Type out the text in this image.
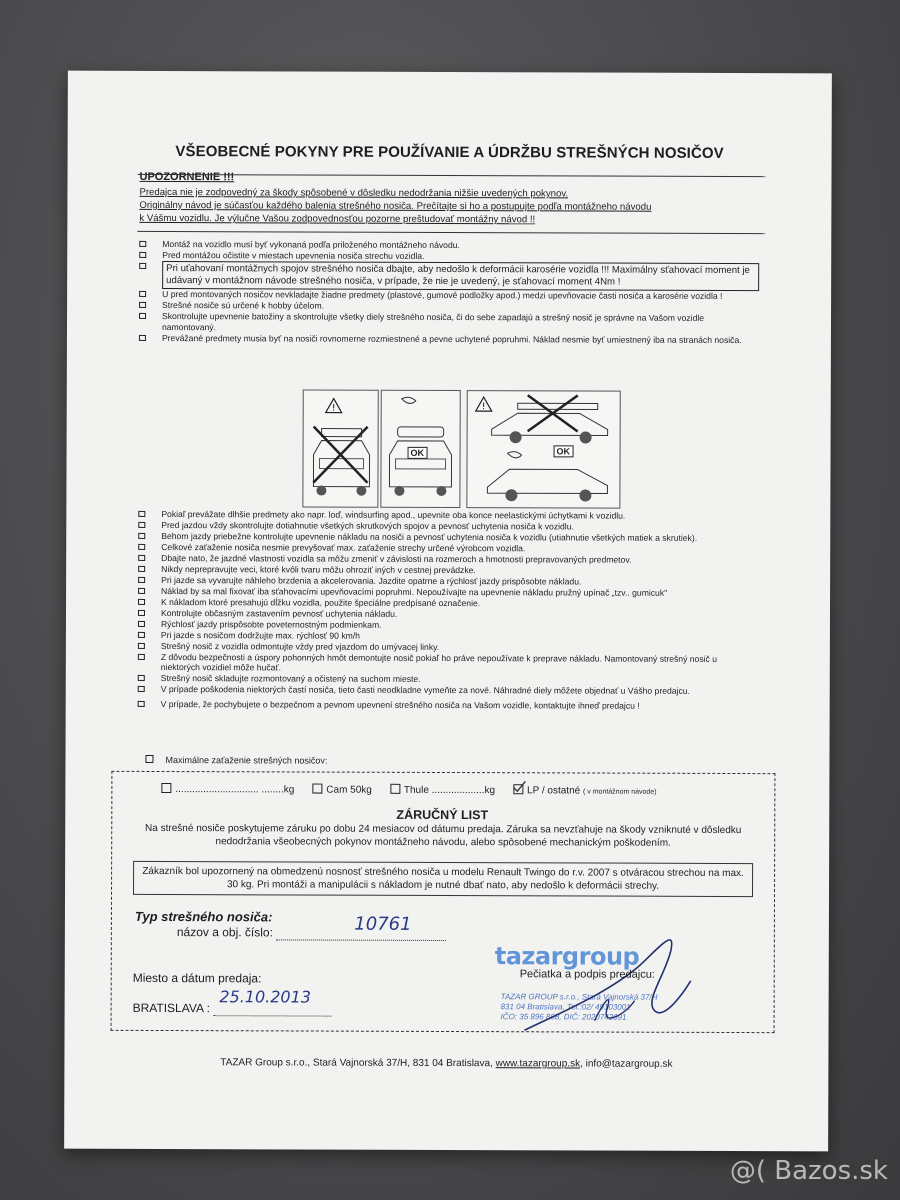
VŠEOBECNÉ POKYNY PRE POUŽÍVANIE A ÚDRŽBU STREŠNÝCH NOSIČOV
UPOZORNENIE !!!
Predajca nie je zodpovedný za škody spôsobené v dôsledku nedodržania nižšie uvedených pokynov.
Originálny návod je súčasťou každého balenia strešného nosiča. Prečítajte si ho a postupujte podľa montážneho návodu
k Vášmu vozidlu. Je výlučne Vašou zodpovednosťou pozorne preštudovať montážny návod !!
Montáž na vozidlo musí byť vykonaná podľa priloženého montážneho návodu.
Pred montážou očistite v miestach upevnenia nosiča strechu vozidla.
Pri uťahovaní montážnych spojov strešného nosiča dbajte, aby nedošlo k deformácii karosérie vozidla !!! Maximálny sťahovací moment je udávaný v montážnom návode strešného nosiča, v prípade, že nie je uvedený, je sťahovací moment 4Nm !
U pred montovaných nosičov nevkladajte žiadne predmety (plastové, gumové podložky apod.) medzi upevňovacie časti nosiča a karosérie vozidla !
Strešné nosiče sú určené k hobby účelom.
Skontrolujte upevnenie batožiny a skontrolujte všetky diely strešného nosiča, či do sebe zapadajú a strešný nosič je správne na Vašom vozidle namontovaný.
Prevážané predmety musia byť na nosiči rovnomerne rozmiestnené a pevne uchytené popruhmi. Náklad nesmie byť umiestnený iba na stranách nosiča.
!
OK
!
OK
Pokiaľ prevážate dlhšie predmety ako napr. loď, windsurfing apod., upevnite oba konce neelastickými úchytkami k vozidlu.
Pred jazdou vždy skontrolujte dotiahnutie všetkých skrutkových spojov a pevnosť uchytenia nosiča k vozidlu.
Behom jazdy priebežne kontrolujte upevnenie nákladu na nosiči a pevnosť uchytenia nosiča k vozidlu (utiahnutie všetkých matiek a skrutiek).
Celkové zaťaženie nosiča nesmie prevyšovať max. zaťaženie strechy určené výrobcom vozidla.
Dbajte nato, že jazdné vlastnosti vozidla sa môžu zmeniť v závislosti na rozmeroch a hmotnosti prepravovaných predmetov.
Nikdy neprepravujte veci, ktoré kvôli tvaru môžu ohroziť iných v cestnej prevádzke.
Pri jazde sa vyvarujte náhleho brzdenia a akcelerovania. Jazdite opatrne a rýchlosť jazdy prispôsobte nákladu.
Náklad by sa mal fixovať iba sťahovacími upevňovacími popruhmi. Nepoužívajte na upevnenie nákladu pružný upínač „tzv.. gumicuk"
K nákladom ktoré presahujú dĺžku vozidla, použite špeciálne predpísané označenie.
Kontrolujte občasným zastavením pevnosť uchytenia nákladu.
Rýchlosť jazdy prispôsobte poveternostným podmienkam.
Pri jazde s nosičom dodržujte max. rýchlosť 90 km/h
Strešný nosič z vozidla odmontujte vždy pred vjazdom do umývacej linky.
Z dôvodu bezpečnosti a úspory pohonných hmôt demontujte nosič pokiaľ ho práve nepoužívate k preprave nákladu. Namontovaný strešný nosič u niektorých vozidiel môže hučať.
Strešný nosič skladujte rozmontovaný a očistený na suchom mieste.
V prípade poškodenia niektorých častí nosiča, tieto časti neodkladne vymeňte za nové. Náhradné diely môžete objednať u Vášho predajcu.
V prípade, že pochybujete o bezpečnom a pevnom upevnení strešného nosiča na Vašom vozidle, kontaktujte ihneď predajcu !
Maximálne zaťaženie strešných nosičov:
.............................. ........kg	Cam 50kg	Thule ...................kg	LP / ostatné ( v montážnom návode)
ZÁRUČNÝ LIST
Na strešné nosiče poskytujeme záruku po dobu 24 mesiacov od dátumu predaja. Záruka sa nevzťahuje na škody vzniknuté v dôsledku nedodržania všeobecných pokynov montážneho návodu, alebo spôsobené mechanickým poškodením.
Zákazník bol upozornený na obmedzenú nosnosť strešného nosiča u modelu Renault Twingo do r.v. 2007 s otváracou strechou na max. 30 kg. Pri montáži a manipulácii s nákladom je nutné dbať nato, aby nedošlo k deformácii strechy.
Typ strešného nosiča:
názov a obj. číslo:	10761

Miesto a dátum predaja:
BRATISLAVA :
25.10.2013

tazargroup
TAZAR GROUP s.r.o., Stará Vajnorská 37/H
831 04 Bratislava, Tel.:02/ 49103001
IČO: 35 896 868, DIČ: 2020742091
Pečiatka a podpis predajcu:
TAZAR Group s.r.o., Stará Vajnorská 37/H, 831 04 Bratislava, www.tazargroup.sk, info@tazargroup.sk
@( Bazos.sk
